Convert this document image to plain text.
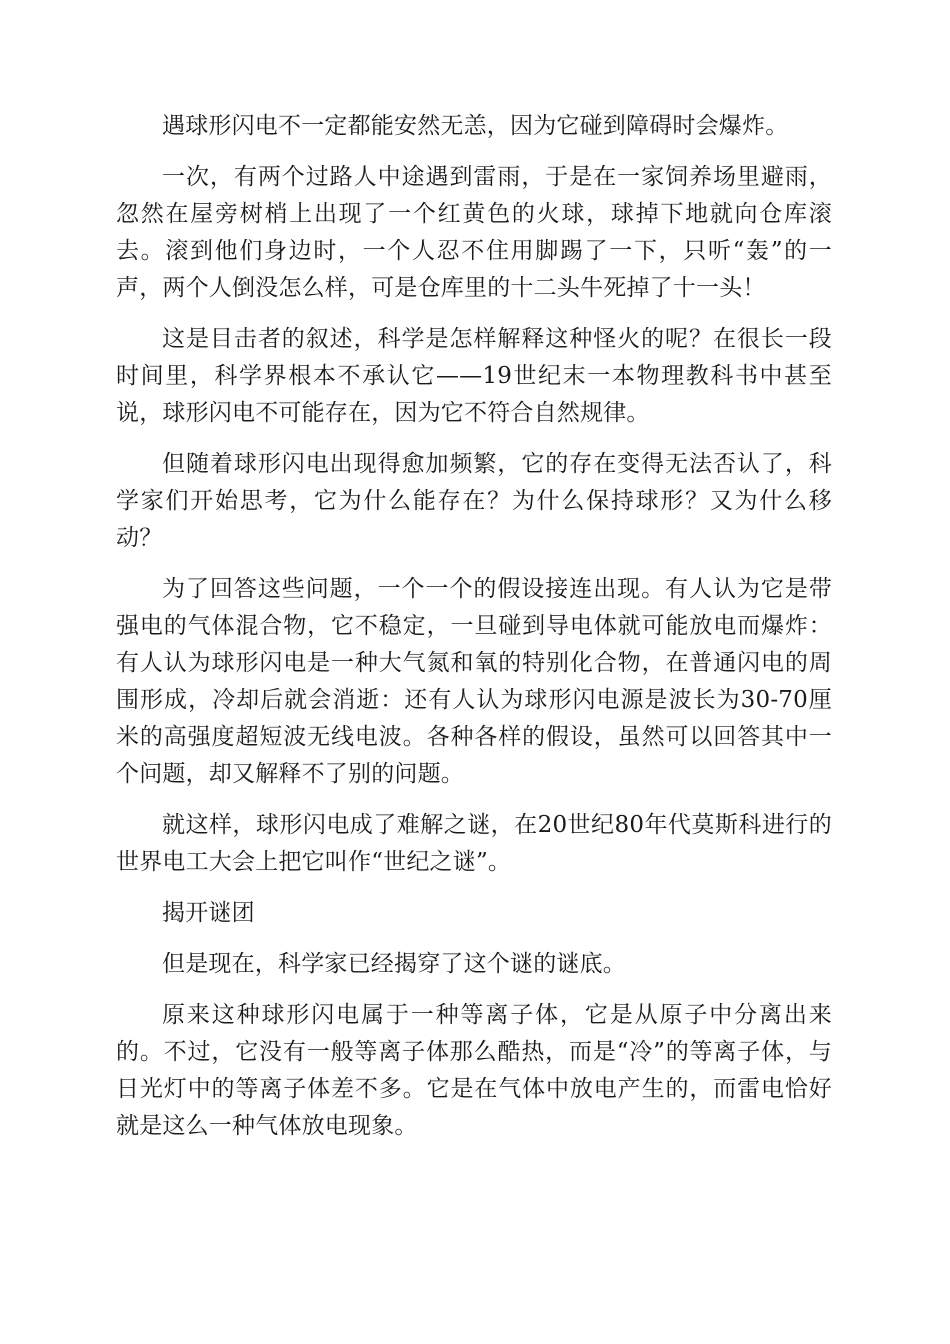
遇球形闪电不一定都能安然无恙，因为它碰到障碍时会爆炸。

一次，有两个过路人中途遇到雷雨，于是在一家饲养场里避雨，忽然在屋旁树梢上出现了一个红黄色的火球，球掉下地就向仓库滚去。滚到他们身边时，一个人忍不住用脚踢了一下，只听“轰”的一声，两个人倒没怎么样，可是仓库里的十二头牛死掉了十一头！

这是目击者的叙述，科学是怎样解释这种怪火的呢？在很长一段时间里，科学界根本不承认它——19世纪末一本物理教科书中甚至说，球形闪电不可能存在，因为它不符合自然规律。

但随着球形闪电出现得愈加频繁，它的存在变得无法否认了，科学家们开始思考，它为什么能存在？为什么保持球形？又为什么移动？

为了回答这些问题，一个一个的假设接连出现。有人认为它是带强电的气体混合物，它不稳定，一旦碰到导电体就可能放电而爆炸：有人认为球形闪电是一种大气氮和氧的特别化合物，在普通闪电的周围形成，冷却后就会消逝：还有人认为球形闪电源是波长为30-70厘米的高强度超短波无线电波。各种各样的假设，虽然可以回答其中一个问题，却又解释不了别的问题。

就这样，球形闪电成了难解之谜，在20世纪80年代莫斯科进行的世界电工大会上把它叫作“世纪之谜”。

揭开谜团

但是现在，科学家已经揭穿了这个谜的谜底。

原来这种球形闪电属于一种等离子体，它是从原子中分离出来的。不过，它没有一般等离子体那么酷热，而是“冷”的等离子体，与日光灯中的等离子体差不多。它是在气体中放电产生的，而雷电恰好就是这么一种气体放电现象。
